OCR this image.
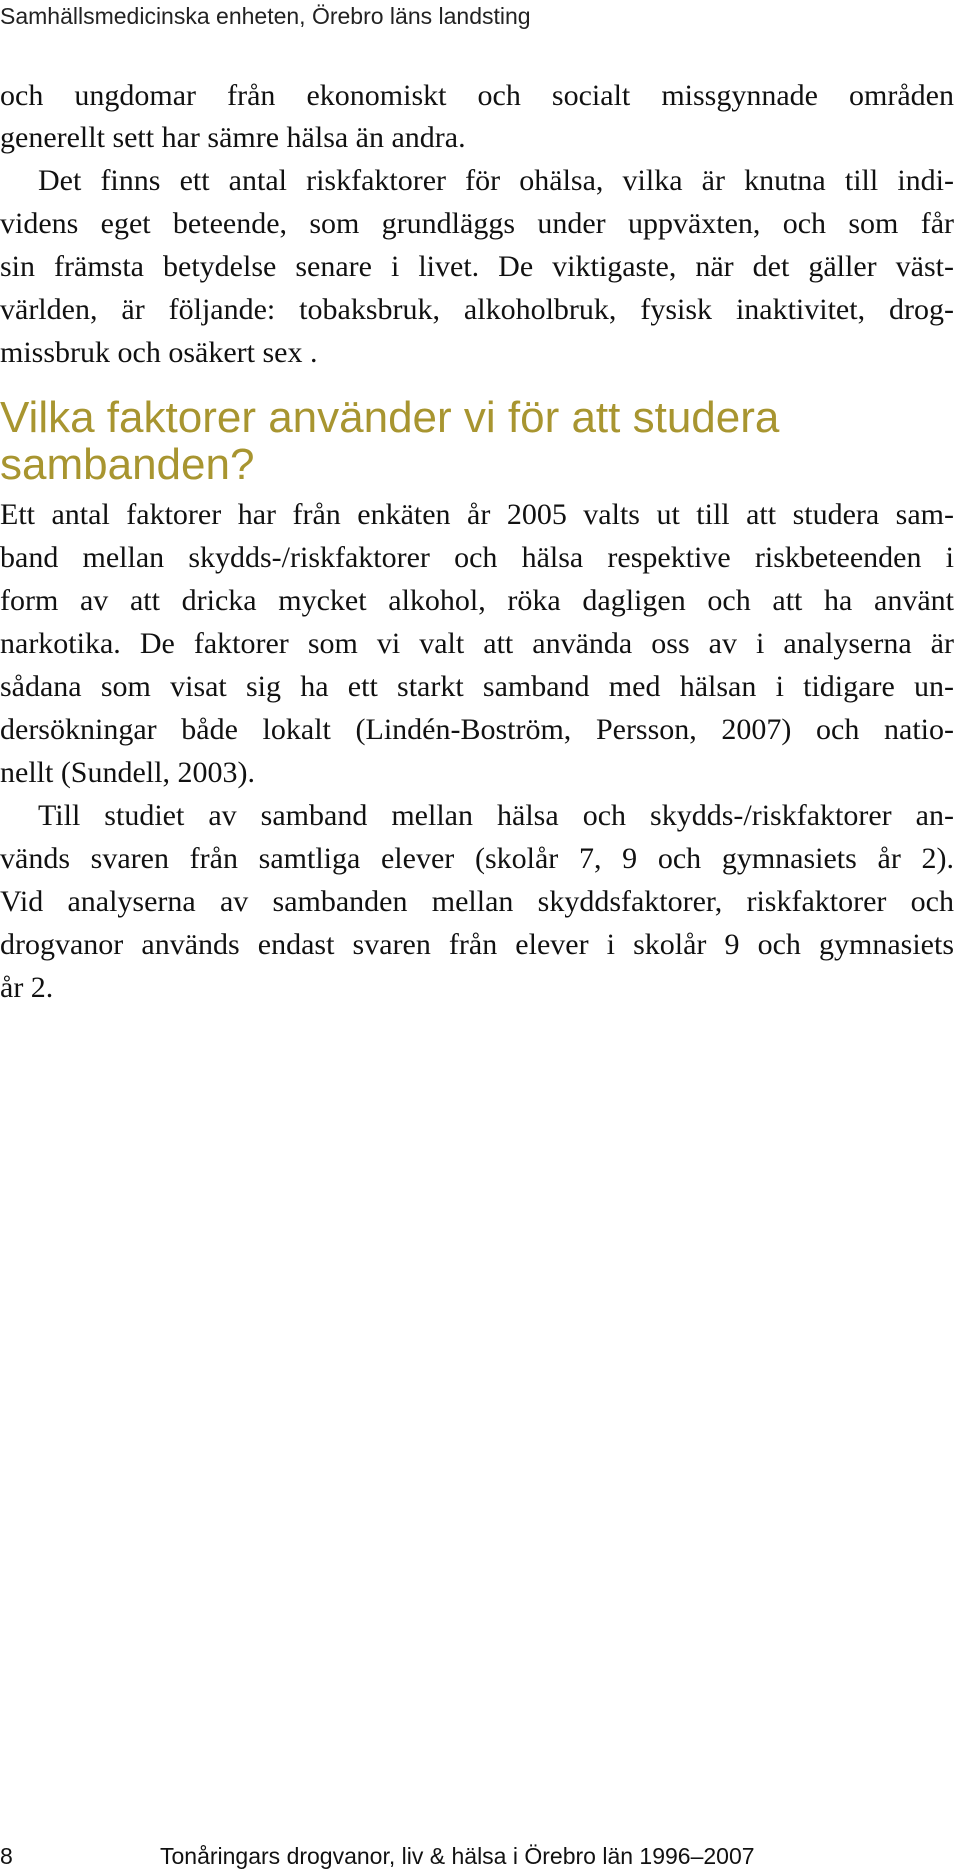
Samhällsmedicinska enheten, Örebro läns landsting
och ungdomar från ekonomiskt och socialt missgynnade områden
generellt sett har sämre hälsa än andra.
Det finns ett antal riskfaktorer för ohälsa, vilka är knutna till indi-
videns eget beteende, som grundläggs under uppväxten, och som får
sin främsta betydelse senare i livet. De viktigaste, när det gäller väst-
världen, är följande: tobaksbruk, alkoholbruk, fysisk inaktivitet, drog-
missbruk och osäkert sex .
Vilka faktorer använder vi för att studera
sambanden?
Ett antal faktorer har från enkäten år 2005 valts ut till att studera sam-
band mellan skydds-/riskfaktorer och hälsa respektive riskbeteenden i
form av att dricka mycket alkohol, röka dagligen och att ha använt
narkotika. De faktorer som vi valt att använda oss av i analyserna är
sådana som visat sig ha ett starkt samband med hälsan i tidigare un-
dersökningar både lokalt (Lindén-Boström, Persson, 2007) och natio-
nellt (Sundell, 2003).
Till studiet av samband mellan hälsa och skydds-/riskfaktorer an-
vänds svaren från samtliga elever (skolår 7, 9 och gymnasiets år 2).
Vid analyserna av sambanden mellan skyddsfaktorer, riskfaktorer och
drogvanor används endast svaren från elever i skolår 9 och gymnasiets
år 2.
8	Tonåringars drogvanor, liv & hälsa i Örebro län 1996–2007
